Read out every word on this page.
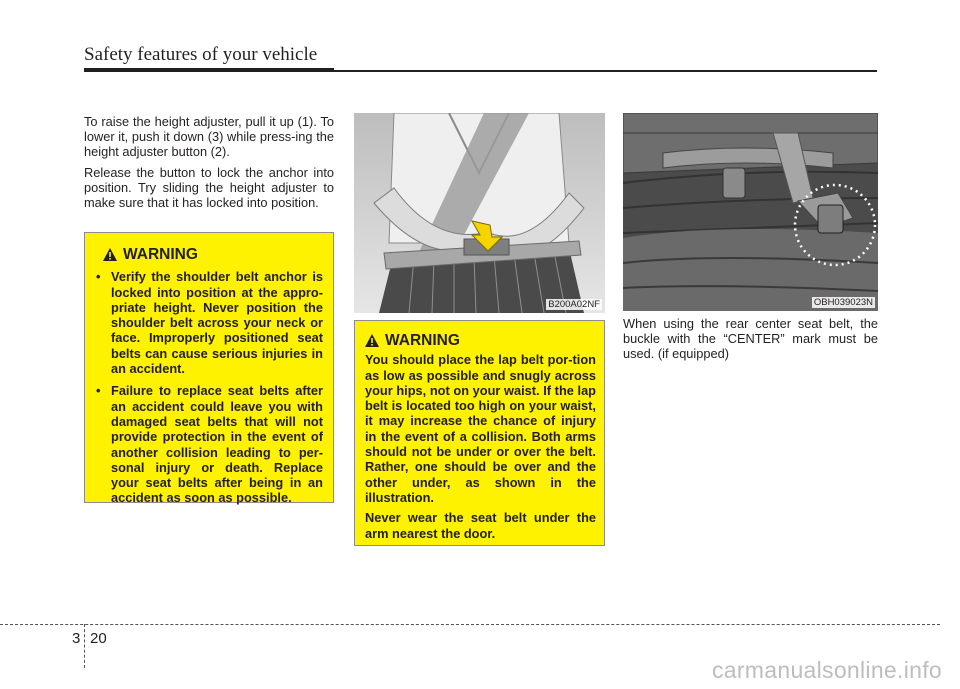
Safety features of your vehicle

To raise the height adjuster, pull it up (1). To lower it, push it down (3) while press-ing the height adjuster button (2).

Release the button to lock the anchor into position. Try sliding the height adjuster to make sure that it has locked into position.

WARNING
• Verify the shoulder belt anchor is locked into position at the appro-priate height. Never position the shoulder belt across your neck or face. Improperly positioned seat belts can cause serious injuries in an accident.
• Failure to replace seat belts after an accident could leave you with damaged seat belts that will not provide protection in the event of another collision leading to per-sonal injury or death. Replace your seat belts after being in an accident as soon as possible.
B200A02NF
WARNING

You should place the lap belt por-tion as low as possible and snugly across your hips, not on your waist. If the lap belt is located too high on your waist, it may increase the chance of injury in the event of a collision. Both arms should not be under or over the belt. Rather, one should be over and the other under, as shown in the illustration.

Never wear the seat belt under the arm nearest the door.

OBH039023N

When using the rear center seat belt, the buckle with the “CENTER” mark must be used. (if equipped)

3 20
carmanualsonline.info
